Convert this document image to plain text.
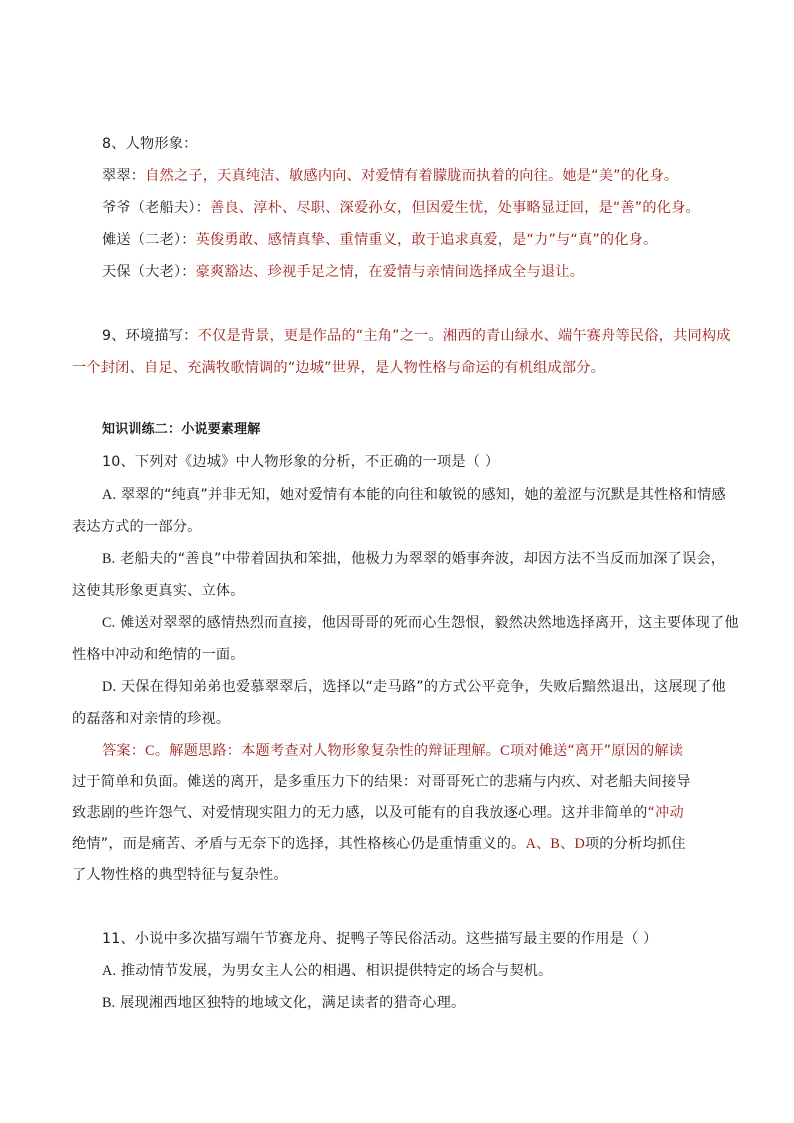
8、人物形象：
翠翠：自然之子，天真纯洁、敏感内向、对爱情有着朦胧而执着的向往。她是“美”的化身。
爷爷（老船夫）：善良、淳朴、尽职、深爱孙女，但因爱生忧，处事略显迂回，是“善”的化身。
傩送（二老）：英俊勇敢、感情真挚、重情重义，敢于追求真爱，是“力”与“真”的化身。
天保（大老）：豪爽豁达、珍视手足之情，在爱情与亲情间选择成全与退让。
9、环境描写：不仅是背景，更是作品的“主角”之一。湘西的青山绿水、端午赛舟等民俗，共同构成
一个封闭、自足、充满牧歌情调的“边城”世界，是人物性格与命运的有机组成部分。
知识训练二：小说要素理解
10、下列对《边城》中人物形象的分析，不正确的一项是（ ）
A. 翠翠的“纯真”并非无知，她对爱情有本能的向往和敏锐的感知，她的羞涩与沉默是其性格和情感
表达方式的一部分。
B. 老船夫的“善良”中带着固执和笨拙，他极力为翠翠的婚事奔波，却因方法不当反而加深了误会，
这使其形象更真实、立体。
C. 傩送对翠翠的感情热烈而直接，他因哥哥的死而心生怨恨，毅然决然地选择离开，这主要体现了他
性格中冲动和绝情的一面。
D. 天保在得知弟弟也爱慕翠翠后，选择以“走马路”的方式公平竞争，失败后黯然退出，这展现了他
的磊落和对亲情的珍视。
答案：C。解题思路：本题考查对人物形象复杂性的辩证理解。C项对傩送“离开”原因的解读
过于简单和负面。傩送的离开，是多重压力下的结果：对哥哥死亡的悲痛与内疚、对老船夫间接导
致悲剧的些许怨气、对爱情现实阻力的无力感，以及可能有的自我放逐心理。这并非简单的“冲动
绝情”，而是痛苦、矛盾与无奈下的选择，其性格核心仍是重情重义的。A、B、D项的分析均抓住
了人物性格的典型特征与复杂性。
11、小说中多次描写端午节赛龙舟、捉鸭子等民俗活动。这些描写最主要的作用是（ ）
A. 推动情节发展，为男女主人公的相遇、相识提供特定的场合与契机。
B. 展现湘西地区独特的地域文化，满足读者的猎奇心理。
